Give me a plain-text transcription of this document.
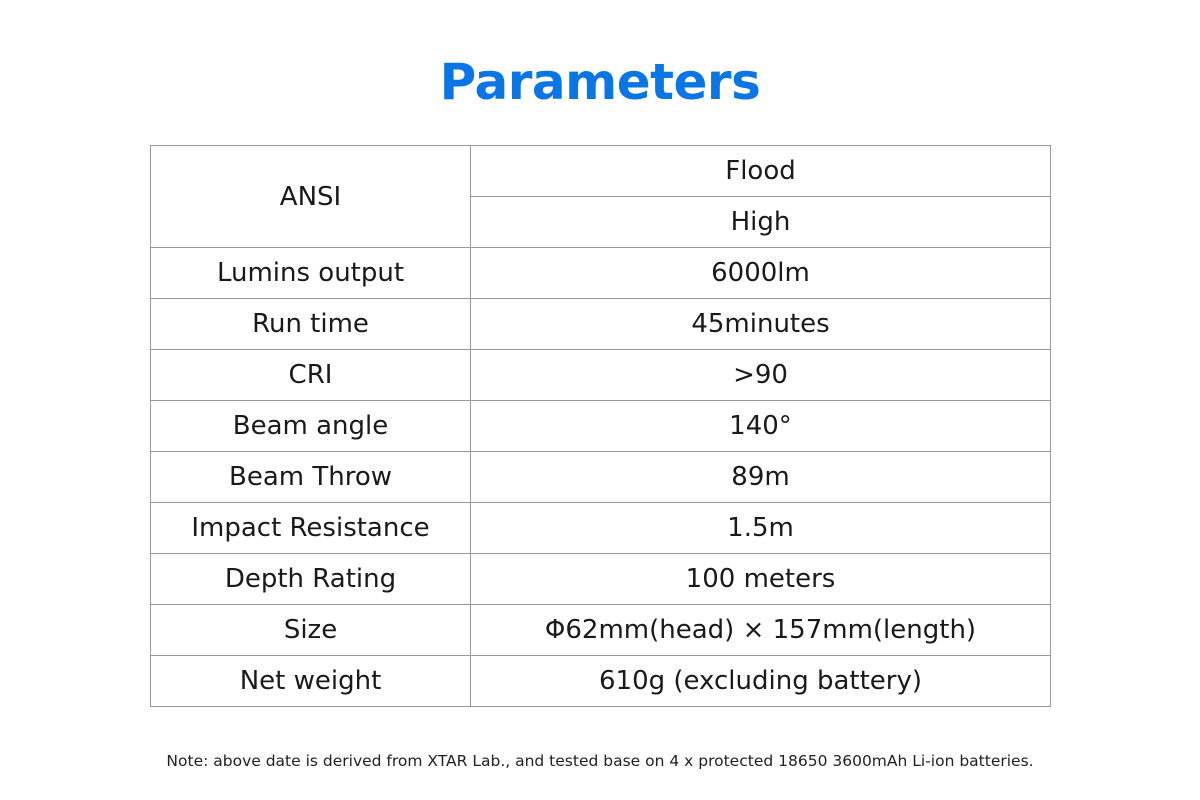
Parameters
ANSI	Flood
	High
Lumins output	6000lm
Run time	45minutes
CRI	>90
Beam angle	140°
Beam Throw	89m
Impact Resistance	1.5m
Depth Rating	100 meters
Size	Φ62mm(head) × 157mm(length)
Net weight	610g (excluding battery)
Note: above date is derived from XTAR Lab., and tested base on 4 x protected 18650 3600mAh Li-ion batteries.
